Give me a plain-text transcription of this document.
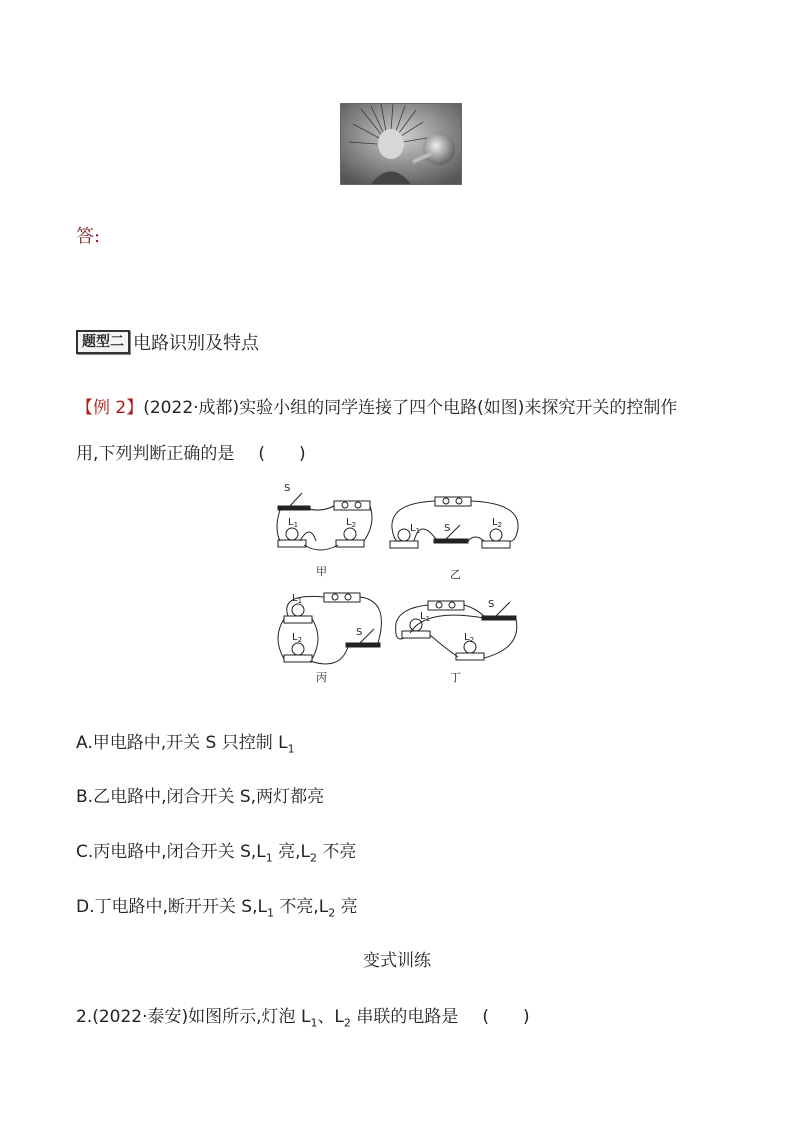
答:
题型二 电路识别及特点
【例 2】(2022·成都)实验小组的同学连接了四个电路(如图)来探究开关的控制作
用,下列判断正确的是 (　　)
S
$L_1$	$L_2$
甲
S
$L_1$
$L_2$
乙
$L_1$
$L_2$
S
丙
S
$L_1$
$L_2$
丁
A.甲电路中,开关 S 只控制 $L_1$
B.乙电路中,闭合开关 S,两灯都亮
C.丙电路中,闭合开关 $S,L_1$ 亮$,L_2$ 不亮
D.丁电路中,断开开关 $S,L_1$ 不亮$,L_2$ 亮
变式训练
2.(2022·泰安)如图所示,灯泡 $L_1$、$L_2$ 串联的电路是 (　　)
